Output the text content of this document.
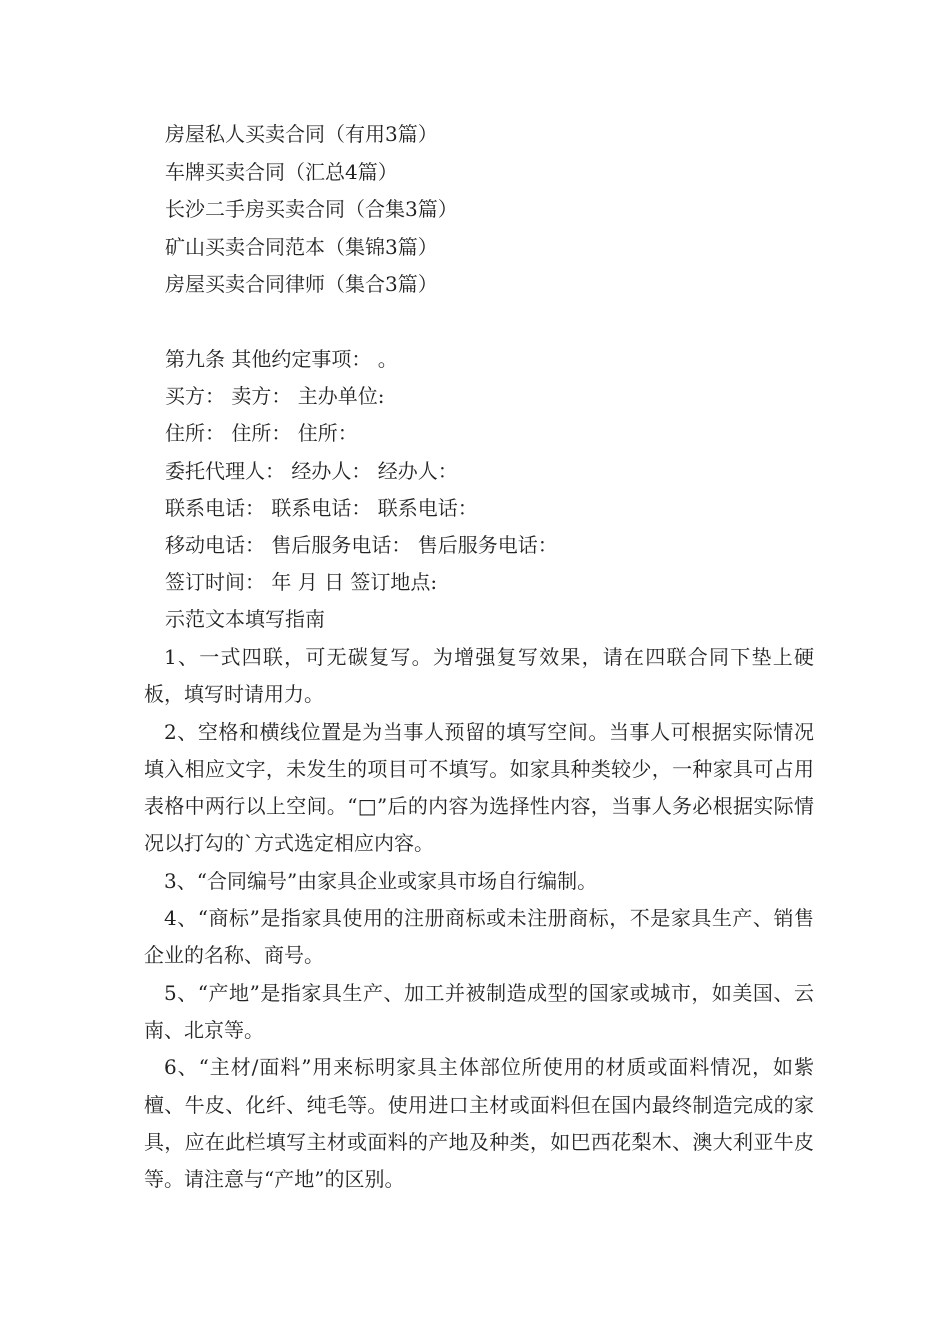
房屋私人买卖合同（有用3篇）
车牌买卖合同（汇总4篇）
长沙二手房买卖合同（合集3篇）
矿山买卖合同范本（集锦3篇）
房屋买卖合同律师（集合3篇）
第九条 其他约定事项： 。
买方： 卖方： 主办单位:
住所： 住所： 住所：
委托代理人： 经办人： 经办人：
联系电话： 联系电话： 联系电话：
移动电话： 售后服务电话： 售后服务电话：
签订时间： 年 月 日 签订地点:
示范文本填写指南

1、一式四联，可无碳复写。为增强复写效果，请在四联合同下垫上硬板，填写时请用力。

2、空格和横线位置是为当事人预留的填写空间。当事人可根据实际情况填入相应文字，未发生的项目可不填写。如家具种类较少，一种家具可占用表格中两行以上空间。“□”后的内容为选择性内容，当事人务必根据实际情况以打勾的`方式选定相应内容。

3、“合同编号”由家具企业或家具市场自行编制。

4、“商标”是指家具使用的注册商标或未注册商标，不是家具生产、销售企业的名称、商号。

5、“产地”是指家具生产、加工并被制造成型的国家或城市，如美国、云南、北京等。

6、“主材/面料”用来标明家具主体部位所使用的材质或面料情况，如紫檀、牛皮、化纤、纯毛等。使用进口主材或面料但在国内最终制造完成的家具，应在此栏填写主材或面料的产地及种类，如巴西花梨木、澳大利亚牛皮等。请注意与“产地”的区别。
